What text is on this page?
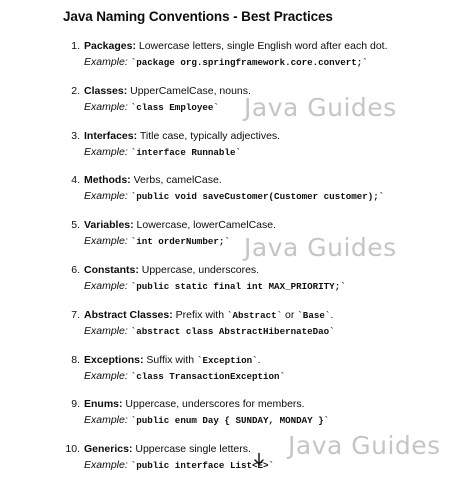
Java Naming Conventions - Best Practices
1. Packages: Lowercase letters, single English word after each dot.
Example: `package org.springframework.core.convert;`
2. Classes: UpperCamelCase, nouns.
Example: `class Employee`
3. Interfaces: Title case, typically adjectives.
Example: `interface Runnable`
4. Methods: Verbs, camelCase.
Example: `public void saveCustomer(Customer customer);`
5. Variables: Lowercase, lowerCamelCase.
Example: `int orderNumber;`
6. Constants: Uppercase, underscores.
Example: `public static final int MAX_PRIORITY;`
7. Abstract Classes: Prefix with `Abstract` or `Base`.
Example: `abstract class AbstractHibernateDao`
8. Exceptions: Suffix with `Exception`.
Example: `class TransactionException`
9. Enums: Uppercase, underscores for members.
Example: `public enum Day { SUNDAY, MONDAY }`
10. Generics: Uppercase single letters.
Example: `public interface List<E>`
Java Guides
Java Guides
Java Guides
